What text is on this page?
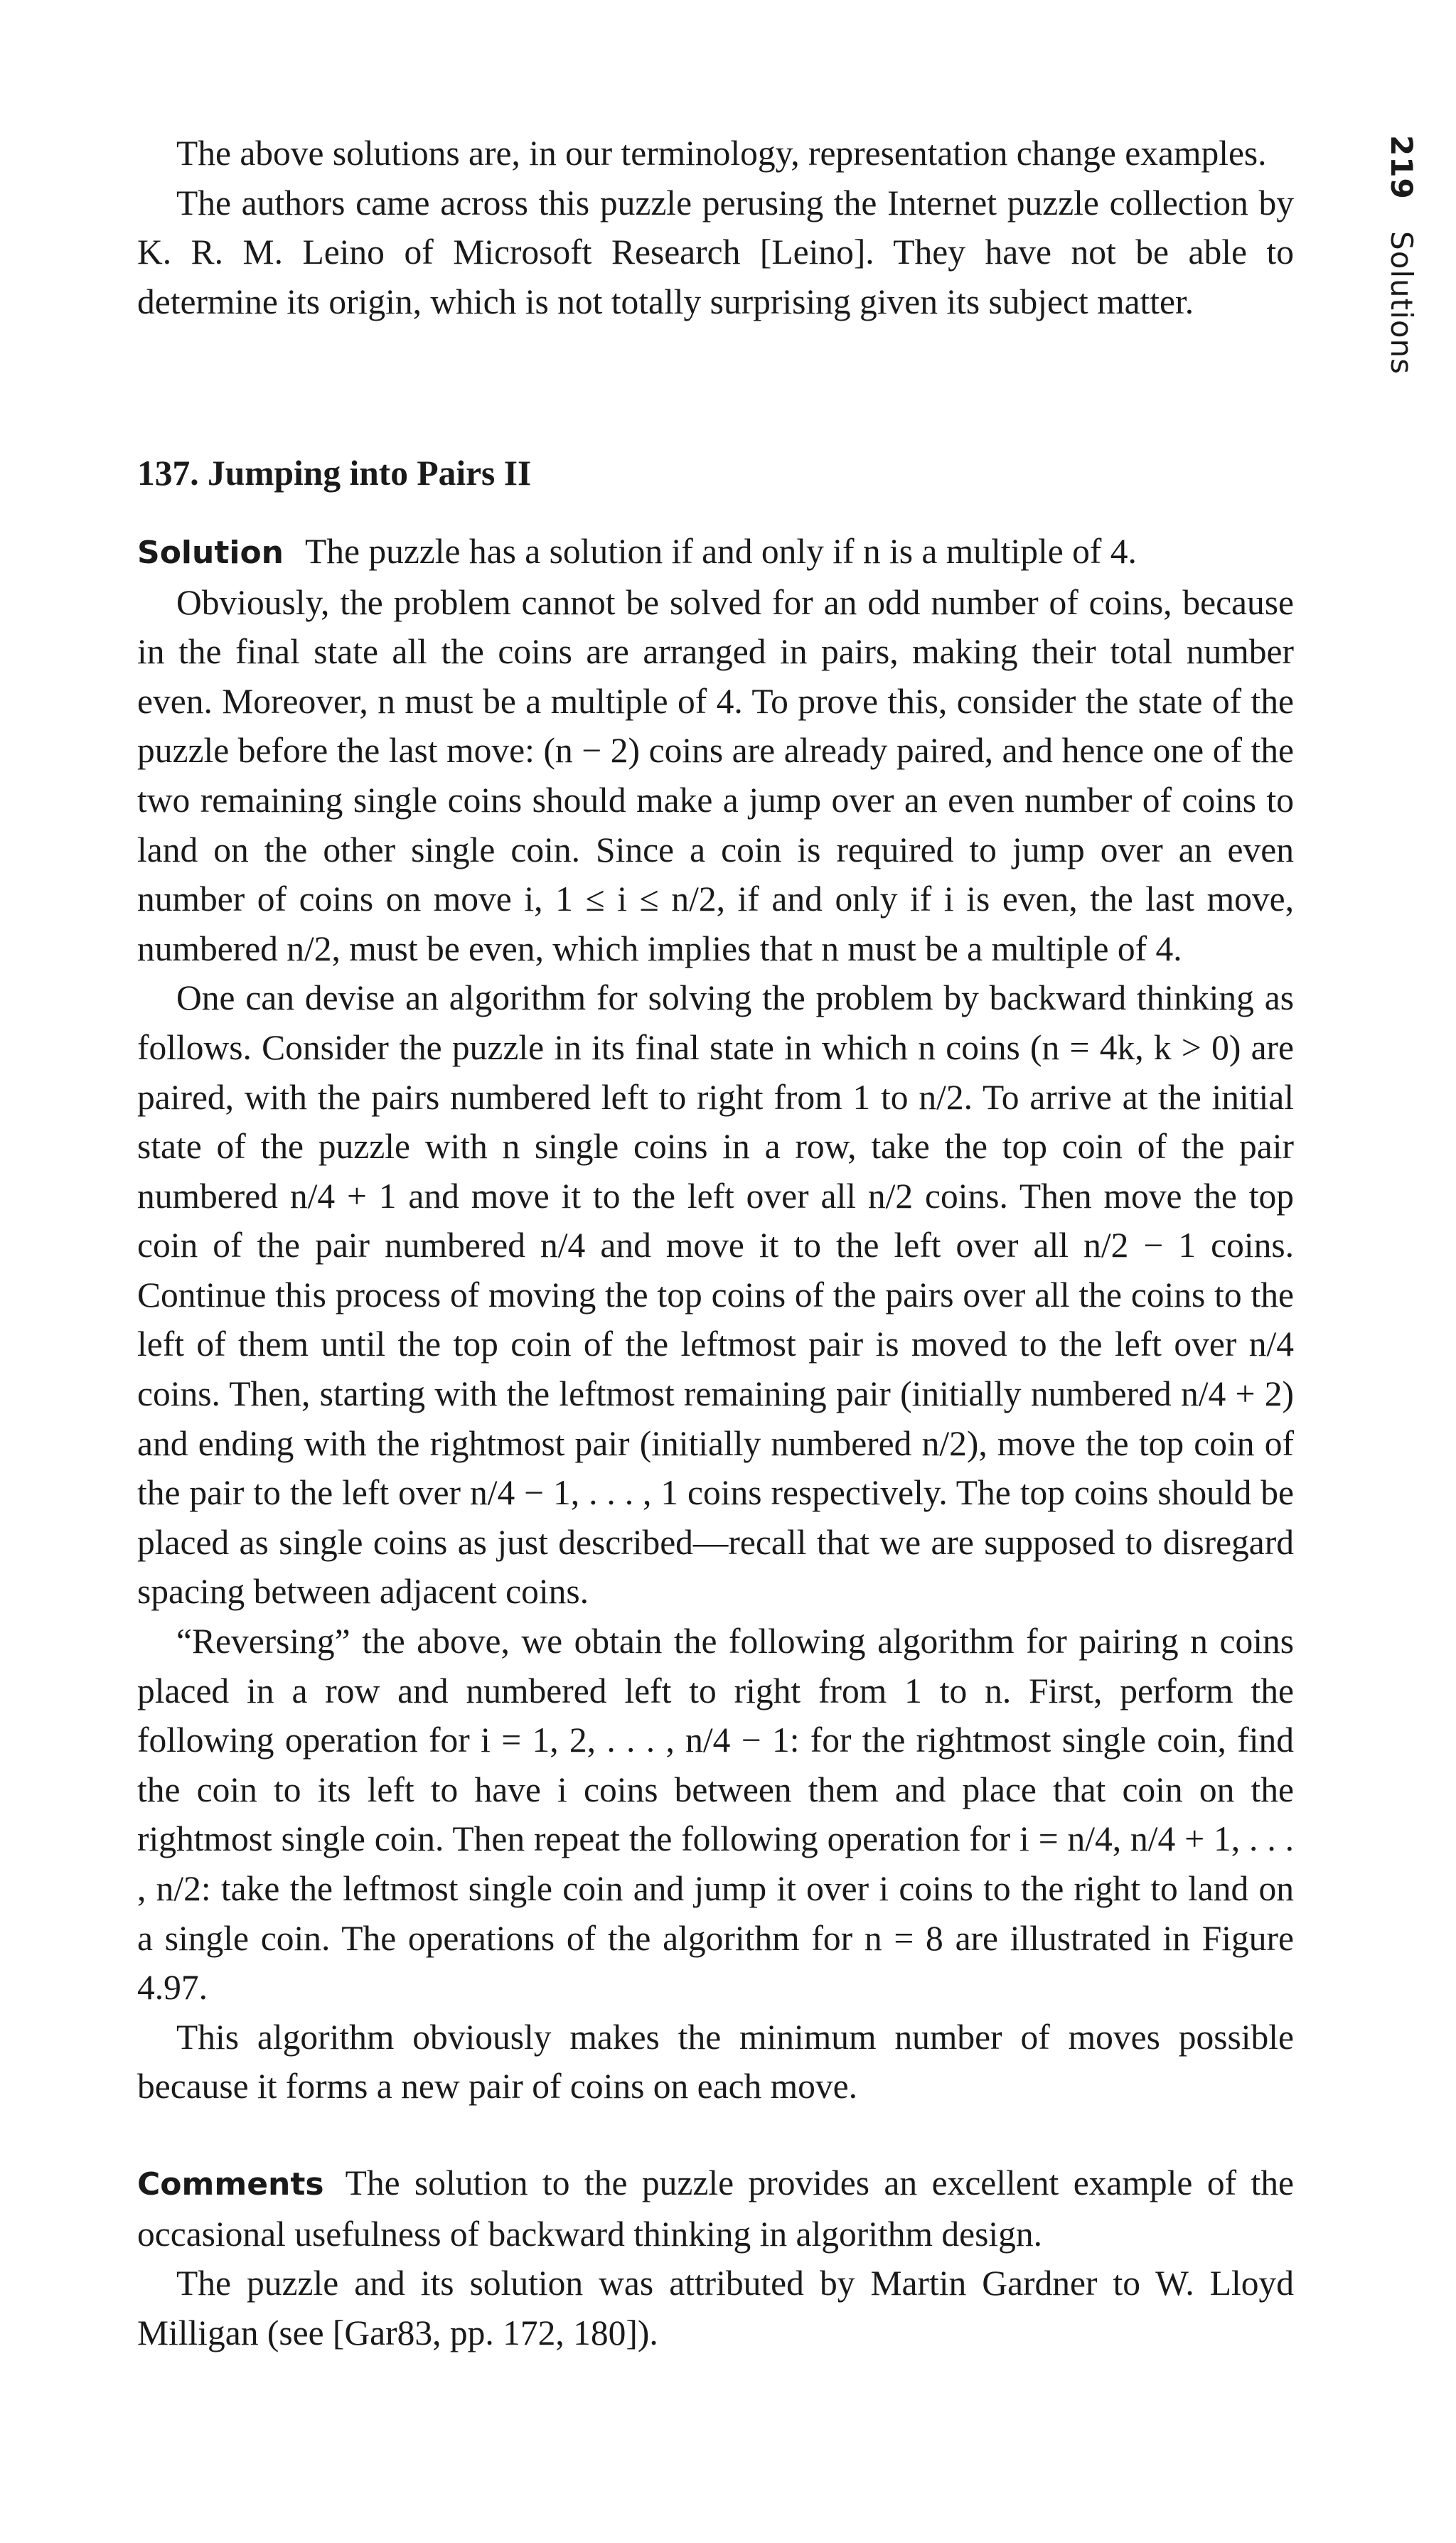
219 Solutions

The above solutions are, in our terminology, representation change examples.

The authors came across this puzzle perusing the Internet puzzle collection by K. R. M. Leino of Microsoft Research [Leino]. They have not be able to determine its origin, which is not totally surprising given its subject matter.

137. Jumping into Pairs II

Solution The puzzle has a solution if and only if n is a multiple of 4.

Obviously, the problem cannot be solved for an odd number of coins, because in the final state all the coins are arranged in pairs, making their total number even. Moreover, n must be a multiple of 4. To prove this, consider the state of the puzzle before the last move: (n − 2) coins are already paired, and hence one of the two remaining single coins should make a jump over an even number of coins to land on the other single coin. Since a coin is required to jump over an even number of coins on move i, 1 ≤ i ≤ n/2, if and only if i is even, the last move, numbered n/2, must be even, which implies that n must be a multiple of 4.

One can devise an algorithm for solving the problem by backward thinking as follows. Consider the puzzle in its final state in which n coins (n = 4k, k > 0) are paired, with the pairs numbered left to right from 1 to n/2. To arrive at the initial state of the puzzle with n single coins in a row, take the top coin of the pair numbered n/4 + 1 and move it to the left over all n/2 coins. Then move the top coin of the pair numbered n/4 and move it to the left over all n/2 − 1 coins. Continue this process of moving the top coins of the pairs over all the coins to the left of them until the top coin of the leftmost pair is moved to the left over n/4 coins. Then, starting with the leftmost remaining pair (initially numbered n/4 + 2) and ending with the rightmost pair (initially numbered n/2), move the top coin of the pair to the left over n/4 − 1, . . . , 1 coins respectively. The top coins should be placed as single coins as just described—recall that we are supposed to disregard spacing between adjacent coins.

“Reversing” the above, we obtain the following algorithm for pairing n coins placed in a row and numbered left to right from 1 to n. First, perform the following operation for i = 1, 2, . . . , n/4 − 1: for the rightmost single coin, find the coin to its left to have i coins between them and place that coin on the rightmost single coin. Then repeat the following operation for i = n/4, n/4 + 1, . . . , n/2: take the leftmost single coin and jump it over i coins to the right to land on a single coin. The operations of the algorithm for n = 8 are illustrated in Figure 4.97.

This algorithm obviously makes the minimum number of moves possible because it forms a new pair of coins on each move.

Comments The solution to the puzzle provides an excellent example of the occasional usefulness of backward thinking in algorithm design.

The puzzle and its solution was attributed by Martin Gardner to W. Lloyd Milligan (see [Gar83, pp. 172, 180]).
